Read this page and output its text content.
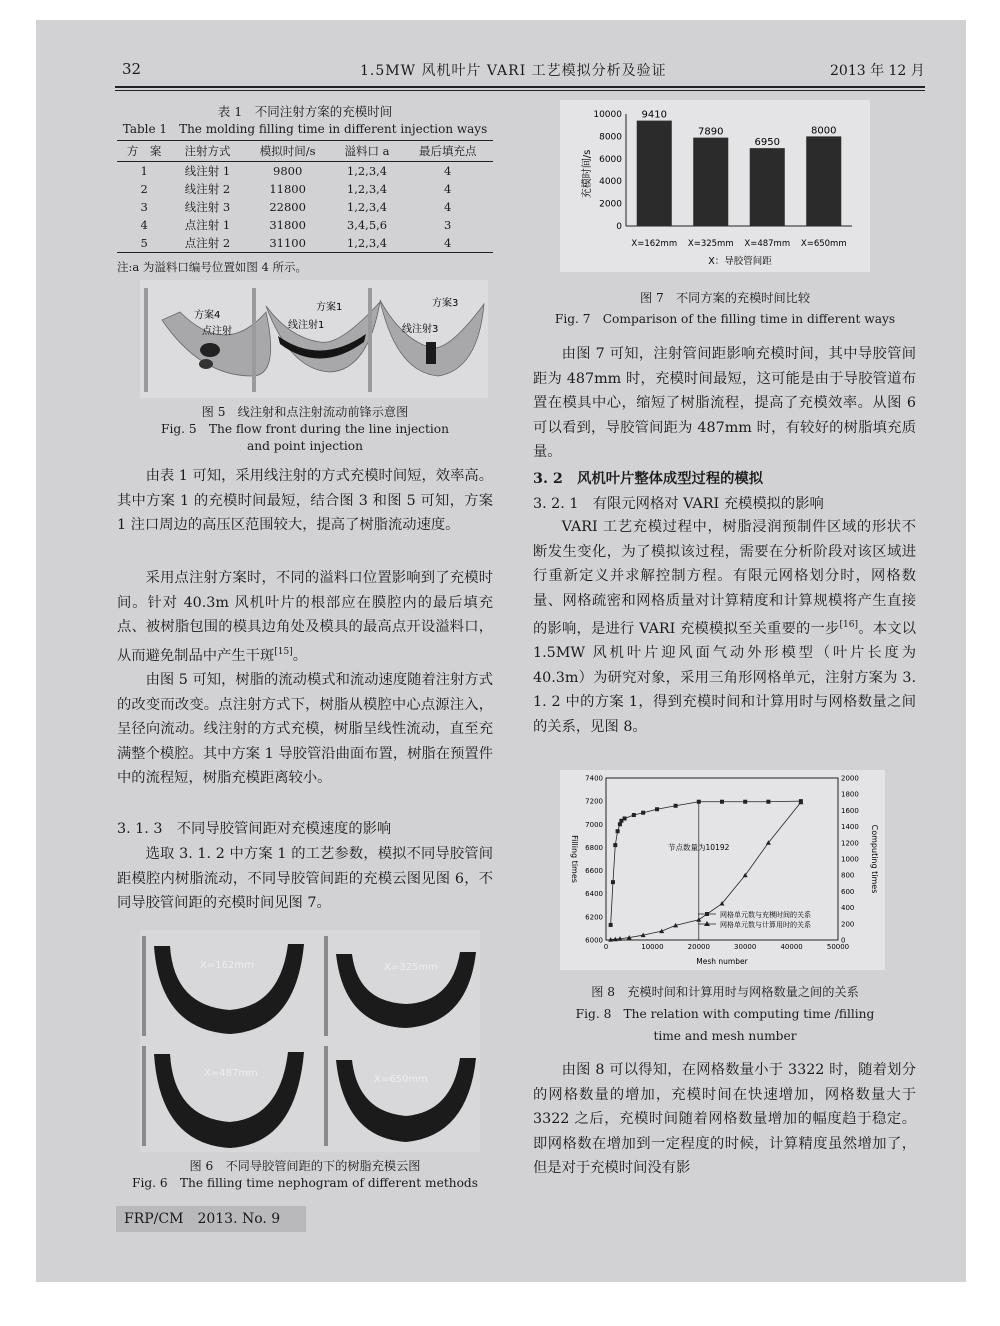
32	1.5MW 风机叶片 VARI 工艺模拟分析及验证	2013 年 12 月
表 1　不同注射方案的充模时间
Table 1　The molding filling time in different injection ways
方　案	注射方式	模拟时间/s	溢料口 a	最后填充点
1	线注射 1	9800	1,2,3,4	4
2	线注射 2	11800	1,2,3,4	4
3	线注射 3	22800	1,2,3,4	4
4	点注射 1	31800	3,4,5,6	3
5	点注射 2	31100	1,2,3,4	4
注:a 为溢料口编号位置如图 4 所示。
方案4
点注射
方案1
线注射1
方案3
线注射3
图 5　线注射和点注射流动前锋示意图
Fig. 5　The flow front during the line injection
and point injection

由表 1 可知，采用线注射的方式充模时间短，效率高。其中方案 1 的充模时间最短，结合图 3 和图 5 可知，方案 1 注口周边的高压区范围较大，提高了树脂流动速度。

采用点注射方案时，不同的溢料口位置影响到了充模时间。针对 40.3m 风机叶片的根部应在膜腔内的最后填充点、被树脂包围的模具边角处及模具的最高点开设溢料口，从而避免制品中产生干斑[15]。

由图 5 可知，树脂的流动模式和流动速度随着注射方式的改变而改变。点注射方式下，树脂从模腔中心点源注入，呈径向流动。线注射的方式充模，树脂呈线性流动，直至充满整个模腔。其中方案 1 导胶管沿曲面布置，树脂在预置件中的流程短，树脂充模距离较小。

3. 1. 3　不同导胶管间距对充模速度的影响

选取 3. 1. 2 中方案 1 的工艺参数，模拟不同导胶管间距模腔内树脂流动，不同导胶管间距的充模云图见图 6，不同导胶管间距的充模时间见图 7。

X=162mm	X=325mm
X=487mm
X=650mm
图 6　不同导胶管间距的下的树脂充模云图
Fig. 6　The filling time nephogram of different methods
0
2000
4000
6000
8000
10000 9410
7890
6950
8000
X=162mm X=325mm X=487mm X=650mm
充模时间/s
X：导胶管间距
图 7　不同方案的充模时间比较
Fig. 7　Comparison of the filling time in different ways

由图 7 可知，注射管间距影响充模时间，其中导胶管间距为 487mm 时，充模时间最短，这可能是由于导胶管道布置在模具中心，缩短了树脂流程，提高了充模效率。从图 6 可以看到，导胶管间距为 487mm 时，有较好的树脂填充质量。

3. 2　风机叶片整体成型过程的模拟
3. 2. 1　有限元网格对 VARI 充模模拟的影响

VARI 工艺充模过程中，树脂浸润预制件区域的形状不断发生变化，为了模拟该过程，需要在分析阶段对该区域进行重新定义并求解控制方程。有限元网格划分时，网格数量、网格疏密和网格质量对计算精度和计算规模将产生直接的影响，是进行 VARI 充模模拟至关重要的一步[16]。本文以 1.5MW 风机叶片迎风面气动外形模型（叶片长度为 40.3m）为研究对象，采用三角形网格单元，注射方案为 3. 1. 2 中的方案 1，得到充模时间和计算用时与网格数量之间的关系，见图 8。

6000
6200
6400
6600
6800
7000
7200
7400
0
200
400
600
800
1000
1200
1400
1600
1800
2000
0	10000	20000	30000	40000	50000
Filling times	Computing times
Mesh number
节点数量为10192
网格单元数与充模时间的关系
网格单元数与计算用时的关系
图 8　充模时间和计算用时与网格数量之间的关系
Fig. 8　The relation with computing time /filling
time and mesh number

由图 8 可以得知，在网格数量小于 3322 时，随着划分的网格数量的增加，充模时间在快速增加，网格数量大于 3322 之后，充模时间随着网格数量增加的幅度趋于稳定。即网格数在增加到一定程度的时候，计算精度虽然增加了，但是对于充模时间没有影

FRP/CM　2013. No. 9
